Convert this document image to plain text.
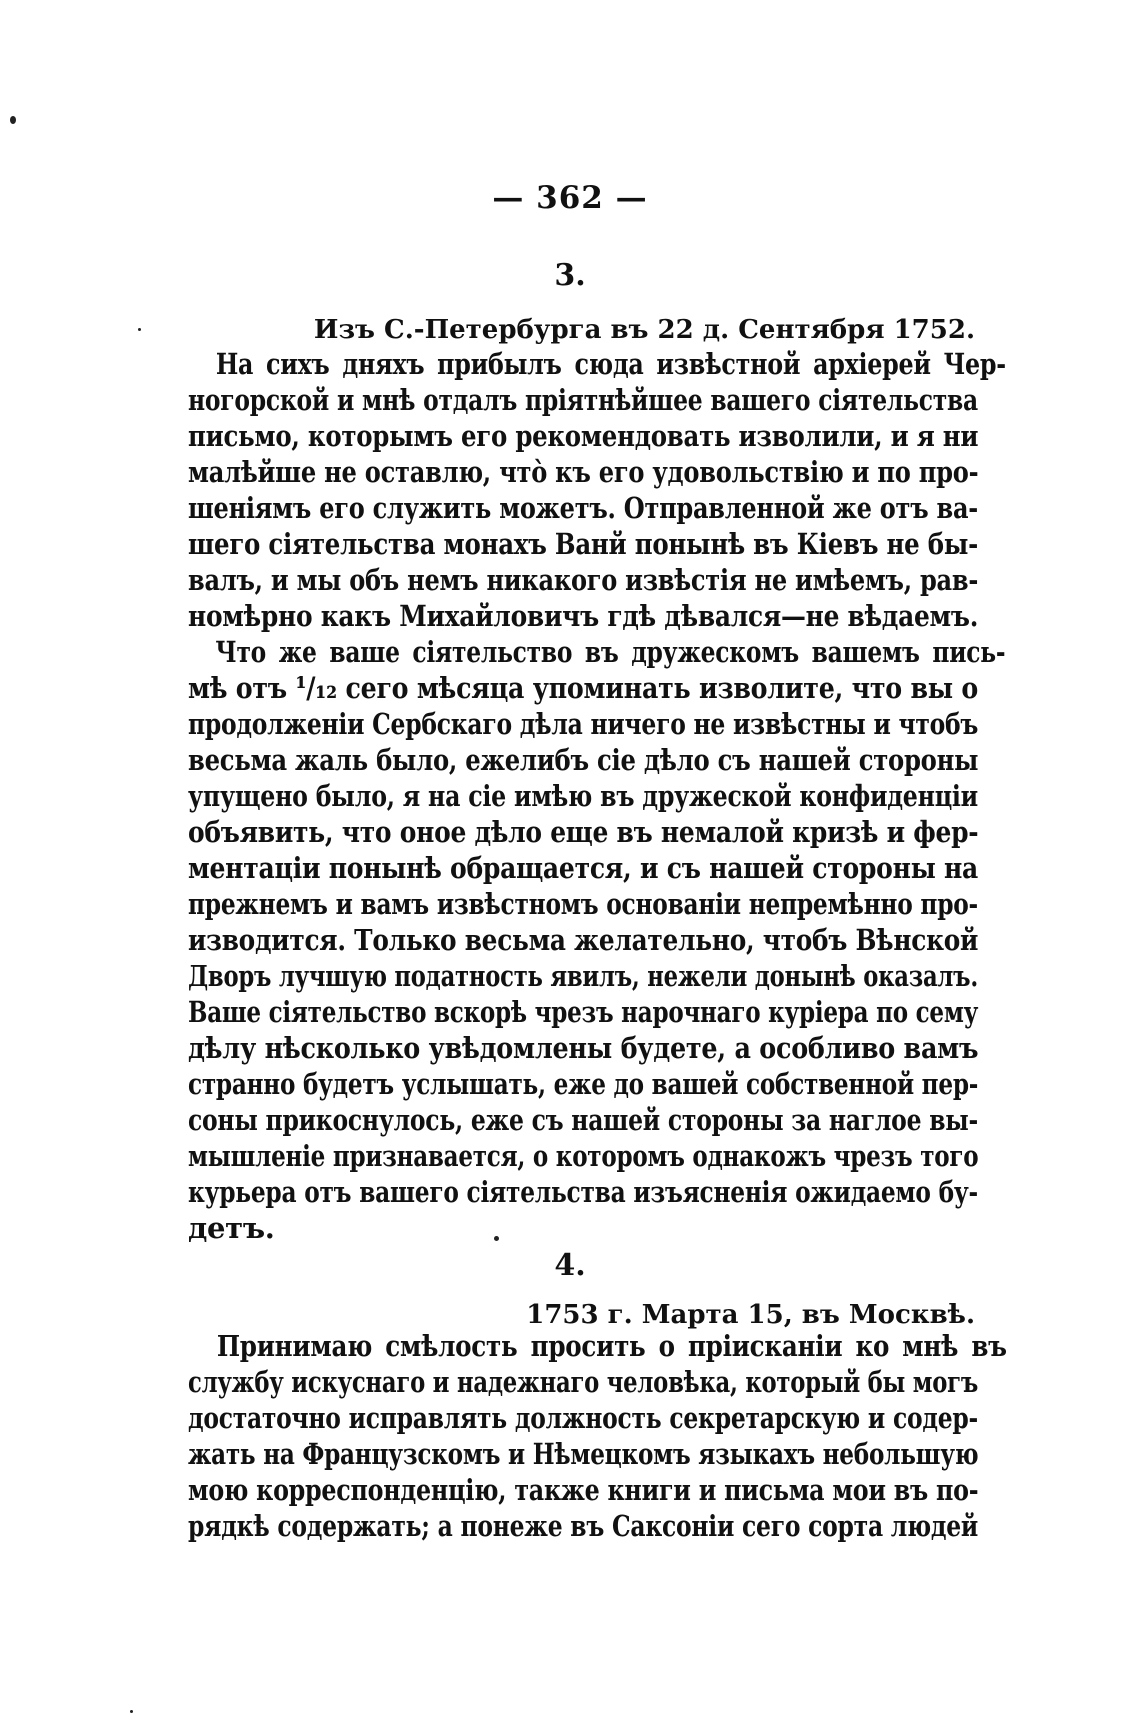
— 362 —
3.
Изъ С.-Петербурга въ 22 д. Сентября 1752.
На сихъ дняхъ прибылъ сюда извѣстной архіерей Чер-
ногорской и мнѣ отдалъ пріятнѣйшее вашего сіятельства
письмо, которымъ его рекомендовать изволили, и я ни
малѣйше не оставлю, что̀ къ его удовольствію и по про-
шеніямъ его служить можетъ. Отправленной же отъ ва-
шего сіятельства монахъ Ванй понынѣ въ Кіевъ не бы-
валъ, и мы объ немъ никакого извѣстія не имѣемъ, рав-
номѣрно какъ Михайловичъ гдѣ дѣвался—не вѣдаемъ.
Что же ваше сіятельство въ дружескомъ вашемъ пись-
мѣ отъ ¹/₁₂ сего мѣсяца упоминать изволите, что вы о
продолженіи Сербскаго дѣла ничего не извѣстны и чтобъ
весьма жаль было, ежелибъ сіе дѣло съ нашей стороны
упущено было, я на сіе имѣю въ дружеской конфиденціи
объявить, что оное дѣло еще въ немалой кризѣ и фер-
ментаціи понынѣ обращается, и съ нашей стороны на
прежнемъ и вамъ извѣстномъ основаніи непремѣнно про-
изводится. Только весьма желательно, чтобъ Вѣнской
Дворъ лучшую податность явилъ, нежели донынѣ оказалъ.
Ваше сіятельство вскорѣ чрезъ нарочнаго куріера по сему
дѣлу нѣсколько увѣдомлены будете, а особливо вамъ
странно будетъ услышать, еже до вашей собственной пер-
соны прикоснулось, еже съ нашей стороны за наглое вы-
мышленіе признавается, о которомъ однакожъ чрезъ того
курьера отъ вашего сіятельства изъясненія ожидаемо бу-
детъ.
4.
1753 г. Марта 15, въ Москвѣ.
Принимаю смѣлость просить о прiисканіи ко мнѣ въ
службу искуснаго и надежнаго человѣка, который бы могъ
достаточно исправлять должность секретарскую и содер-
жать на Французскомъ и Нѣмецкомъ языкахъ небольшую
мою корреспонденцію, также книги и письма мои въ по-
рядкѣ содержать; а понеже въ Саксоніи сего сорта людей
